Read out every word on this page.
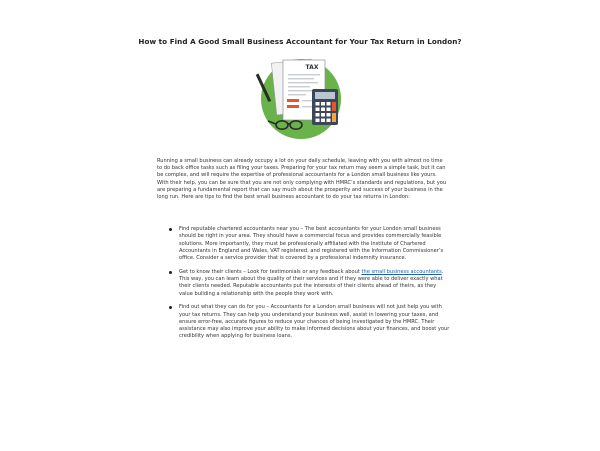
How to Find A Good Small Business Accountant for Your Tax Return in London?
TAX

Running a small business can already occupy a lot on your daily schedule, leaving with you with almost no time to do back office tasks such as filing your taxes. Preparing for your tax return may seem a simple task, but it can be complex, and will require the expertise of professional accountants for a London small business like yours. With their help, you can be sure that you are not only complying with HMRC’s standards and regulations, but you are preparing a fundamental report that can say much about the prosperity and success of your business in the long run. Here are tips to find the best small business accountant to do your tax returns in London:

Find reputable chartered accountants near you – The best accountants for your London small business should be right in your area. They should have a commercial focus and provides commercially feasible solutions. More importantly, they must be professionally affiliated with the Institute of Chartered Accountants in England and Wales, VAT registered, and registered with the Information Commissioner’s office. Consider a service provider that is covered by a professional indemnity insurance.
Get to know their clients – Look for testimonials or any feedback about the small business accountants. This way, you can learn about the quality of their services and if they were able to deliver exactly what their clients needed. Reputable accountants put the interests of their clients ahead of theirs, as they value building a relationship with the people they work with.
Find out what they can do for you – Accountants for a London small business will not just help you with your tax returns. They can help you understand your business well, assist in lowering your taxes, and ensure error-free, accurate figures to reduce your chances of being investigated by the HMRC. Their assistance may also improve your ability to make informed decisions about your finances, and boost your credibility when applying for business loans.
